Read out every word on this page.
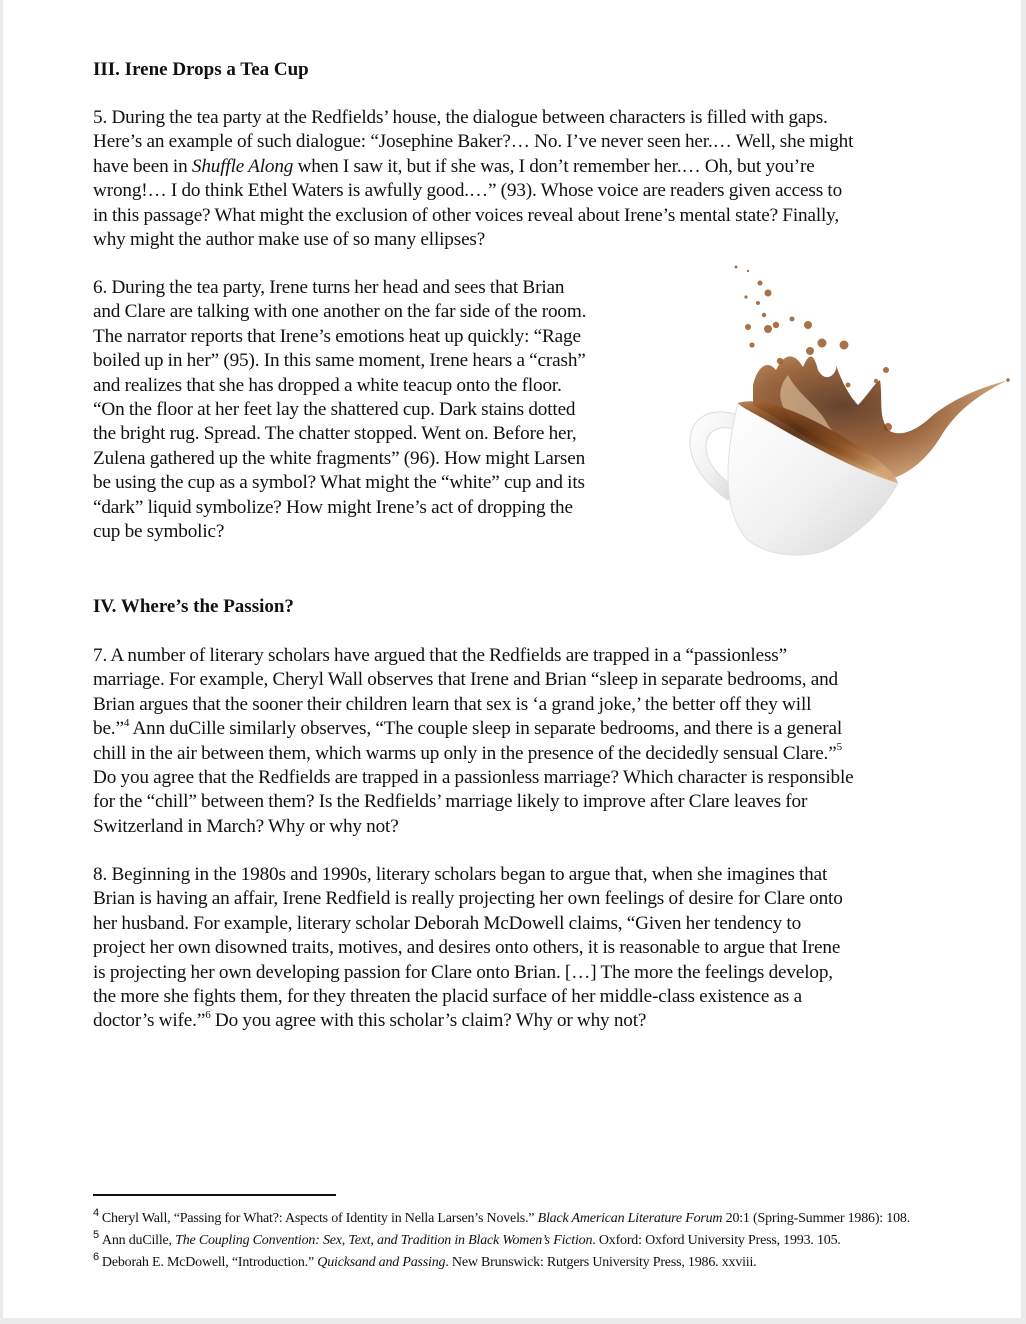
III. Irene Drops a Tea Cup

5. During the tea party at the Redfields’ house, the dialogue between characters is filled with gaps.
Here’s an example of such dialogue: “Josephine Baker?… No. I’ve never seen her.… Well, she might
have been in Shuffle Along when I saw it, but if she was, I don’t remember her.… Oh, but you’re
wrong!… I do think Ethel Waters is awfully good.…” (93). Whose voice are readers given access to
in this passage? What might the exclusion of other voices reveal about Irene’s mental state? Finally,
why might the author make use of so many ellipses?

6. During the tea party, Irene turns her head and sees that Brian
and Clare are talking with one another on the far side of the room.
The narrator reports that Irene’s emotions heat up quickly: “Rage
boiled up in her” (95). In this same moment, Irene hears a “crash”
and realizes that she has dropped a white teacup onto the floor.
“On the floor at her feet lay the shattered cup. Dark stains dotted
the bright rug. Spread. The chatter stopped. Went on. Before her,
Zulena gathered up the white fragments” (96). How might Larsen
be using the cup as a symbol? What might the “white” cup and its
“dark” liquid symbolize? How might Irene’s act of dropping the
cup be symbolic?

IV. Where’s the Passion?

7. A number of literary scholars have argued that the Redfields are trapped in a “passionless”
marriage. For example, Cheryl Wall observes that Irene and Brian “sleep in separate bedrooms, and
Brian argues that the sooner their children learn that sex is ‘a grand joke,’ the better off they will
be.”$^4$ Ann duCille similarly observes, “The couple sleep in separate bedrooms, and there is a general
chill in the air between them, which warms up only in the presence of the decidedly sensual Clare.”$^5$
Do you agree that the Redfields are trapped in a passionless marriage? Which character is responsible
for the “chill” between them? Is the Redfields’ marriage likely to improve after Clare leaves for
Switzerland in March? Why or why not?

8. Beginning in the 1980s and 1990s, literary scholars began to argue that, when she imagines that
Brian is having an affair, Irene Redfield is really projecting her own feelings of desire for Clare onto
her husband. For example, literary scholar Deborah McDowell claims, “Given her tendency to
project her own disowned traits, motives, and desires onto others, it is reasonable to argue that Irene
is projecting her own developing passion for Clare onto Brian. […] The more the feelings develop,
the more she fights them, for they threaten the placid surface of her middle-class existence as a
doctor’s wife.”$^6$ Do you agree with this scholar’s claim? Why or why not?

$^4$ Cheryl Wall, “Passing for What?: Aspects of Identity in Nella Larsen’s Novels.” Black American Literature Forum 20:1 (Spring-Summer 1986): 108.

$^5$ Ann duCille, The Coupling Convention: Sex, Text, and Tradition in Black Women’s Fiction. Oxford: Oxford University Press, 1993. 105.

$^6$ Deborah E. McDowell, “Introduction.” Quicksand and Passing. New Brunswick: Rutgers University Press, 1986. xxviii.
